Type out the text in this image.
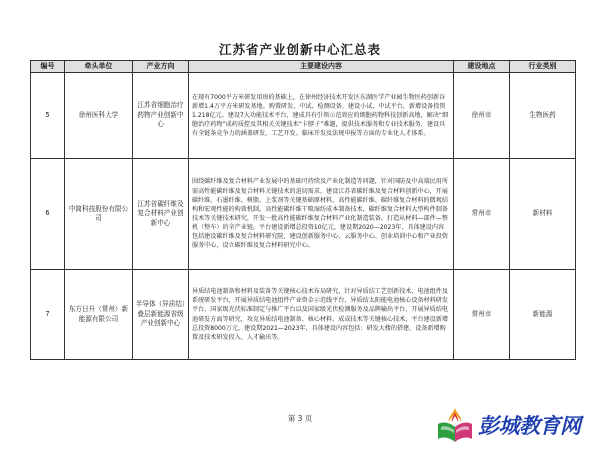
江苏省产业创新中心汇总表
编号	牵头单位	产业方向	主要建设内容	建设地点	行业类别
5	徐州医科大学	江苏省细胞治疗药物产业创新中心	在现有7000平方米研发用房的基础上，在徐州经济技术开发区东湖医学产业园生物医药创新谷新增1.4万平方米研发基地。购置研发、中试、检测设备，建设小试、中试平台，新增设备投资1.218亿元。建设7大功能技术平台，建成具有引领示范效应的细胞药物科技创新高地，解决“细胞治疗药物”成药质控及其相关关键技术“卡脖子”难题，提供技术服务和专业技术服务，建设具有全链条竞争力的涵盖研发、工艺开发、临床开发及法规申报等方面的专业化人才体系。	徐州市	生物医药
6	中简科技股份有限公司	江苏省碳纤维及复合材料产业创新中心	围绕碳纤维及复合材料产业发展中的基础可持续及产业化制造等问题，针对国防及中高端民用所需高性能碳纤维及复合材料关键技术的迫切需求，建设江苏省碳纤维及复合材料创新中心，开展碳纤维、石墨纤维、树脂、上浆剂等关键基础原材料，高性能碳纤维、碳纤维复合材料的微观结构和宏观性能的构效机制，高性能碳纤维干喷湿纺成本制备技术、碳纤维复合材料大型构件制备技术等关键技术研究，开发一批高性能碳纤维复合材料产业化制造装备，打造从材料—部件—整机（整车）的全产业链。平台建设新增总投资10亿元，建设期2020—2023年，具体建设内容包括建设碳纤维及复合材料研究院，建设创新服务中心、云服务中心、创业培训中心和产业投资服务中心，设立碳纤维及复合材料研究中心。	常州市	新材料
7	东方日升（常州）新能源有限公司	半导体（异质结）叠层新能源省级产业创新中心	异质结电池制备和材料及装备等关键核心技术布局研究，针对异质结工艺创新技术、电池组件及系统研发平台，开展异质结电池组件产业资金示范线平台，异质结太阳能电池核心设备材料研发平台，国家级光伏标准制定与推广平台以及国家级光伏检测服务及品牌输出平台，开展异质结电池研发方面等研究，攻克异质结电池制备、核心材料、成或技术等关键核心技术，平台建设新增总投资8000万元，建设期2021—2023年，具体建设内容包括：研发大楼的搭建、设备新增购置及技术研发投入、人才输出等。	常州市	新能源
第 3 页	彭城教育网
